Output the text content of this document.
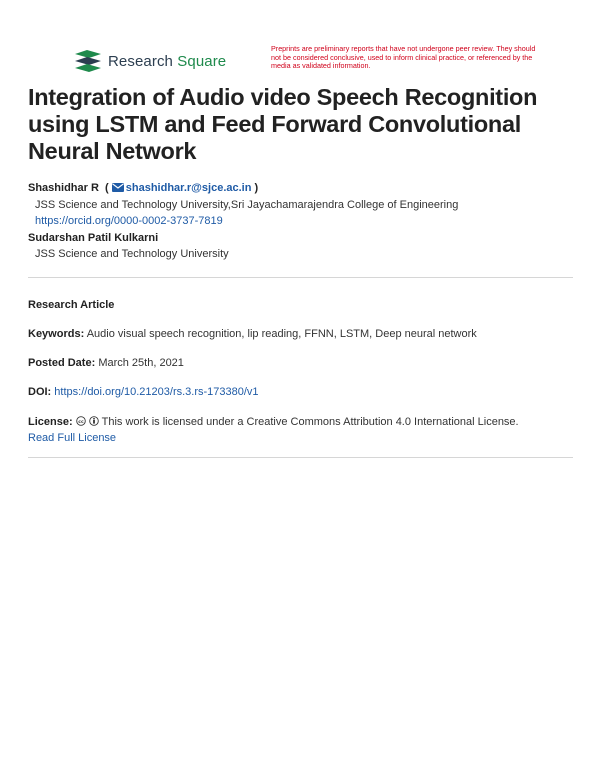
Research Square
Preprints are preliminary reports that have not undergone peer review. They should not be considered conclusive, used to inform clinical practice, or referenced by the media as validated information.
Integration of Audio video Speech Recognition using LSTM and Feed Forward Convolutional Neural Network
Shashidhar R  ( shashidhar.r@sjce.ac.in )
JSS Science and Technology University,Sri Jayachamarajendra College of Engineering
https://orcid.org/0000-0002-3737-7819
Sudarshan Patil Kulkarni
JSS Science and Technology University
Research Article
Keywords: Audio visual speech recognition, lip reading, FFNN, LSTM, Deep neural network
Posted Date: March 25th, 2021
DOI: https://doi.org/10.21203/rs.3.rs-173380/v1
License: cc This work is licensed under a Creative Commons Attribution 4.0 International License.
Read Full License
